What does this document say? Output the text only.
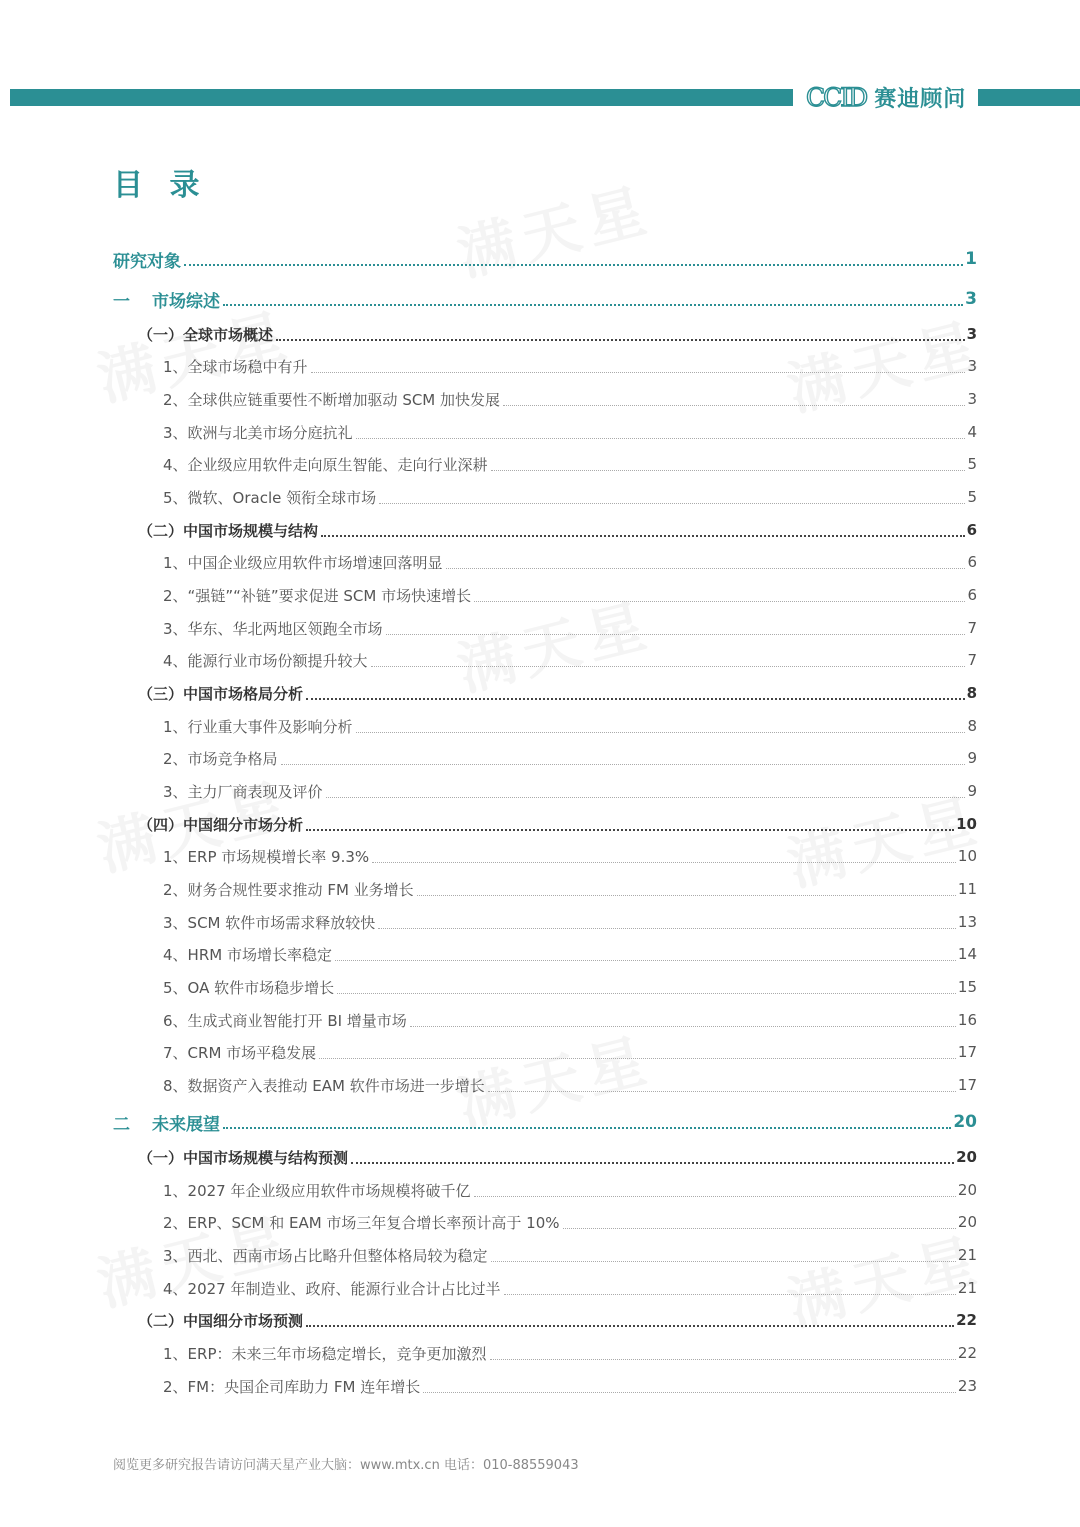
CCID 赛迪顾问
目 录
研究对象	1
一 市场综述	3
（一）全球市场概述	3
1、全球市场稳中有升	3
2、全球供应链重要性不断增加驱动 SCM 加快发展	3
3、欧洲与北美市场分庭抗礼	4
4、企业级应用软件走向原生智能、走向行业深耕	5
5、微软、Oracle 领衔全球市场	5
（二）中国市场规模与结构	6
1、中国企业级应用软件市场增速回落明显	6
2、“强链”“补链”要求促进 SCM 市场快速增长	6
3、华东、华北两地区领跑全市场	7
4、能源行业市场份额提升较大	7
（三）中国市场格局分析	8
1、行业重大事件及影响分析	8
2、市场竞争格局	9
3、主力厂商表现及评价	9
（四）中国细分市场分析	10
1、ERP 市场规模增长率 9.3%	10
2、财务合规性要求推动 FM 业务增长	11
3、SCM 软件市场需求释放较快	13
4、HRM 市场增长率稳定	14
5、OA 软件市场稳步增长	15
6、生成式商业智能打开 BI 增量市场	16
7、CRM 市场平稳发展	17
8、数据资产入表推动 EAM 软件市场进一步增长	17
二 未来展望	20
（一）中国市场规模与结构预测	20
1、2027 年企业级应用软件市场规模将破千亿	20
2、ERP、SCM 和 EAM 市场三年复合增长率预计高于 10%	20
3、西北、西南市场占比略升但整体格局较为稳定	21
4、2027 年制造业、政府、能源行业合计占比过半	21
（二）中国细分市场预测	22
1、ERP：未来三年市场稳定增长，竞争更加激烈	22
2、FM：央国企司库助力 FM 连年增长	23
阅览更多研究报告请访问满天星产业大脑：www.mtx.cn 电话：010-88559043
